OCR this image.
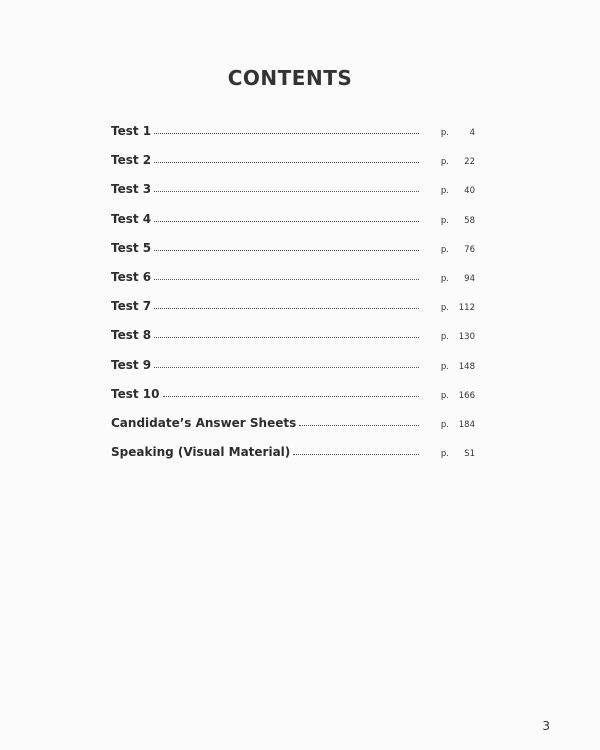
CONTENTS
Test 1	p.	4
Test 2	p.	22
Test 3	p.	40
Test 4	p.	58
Test 5	p.	76
Test 6	p.	94
Test 7	p.	112
Test 8	p.	130
Test 9	p.	148
Test 10	p.	166
Candidate’s Answer Sheets	p.	184
Speaking (Visual Material)	p.	S1
3
